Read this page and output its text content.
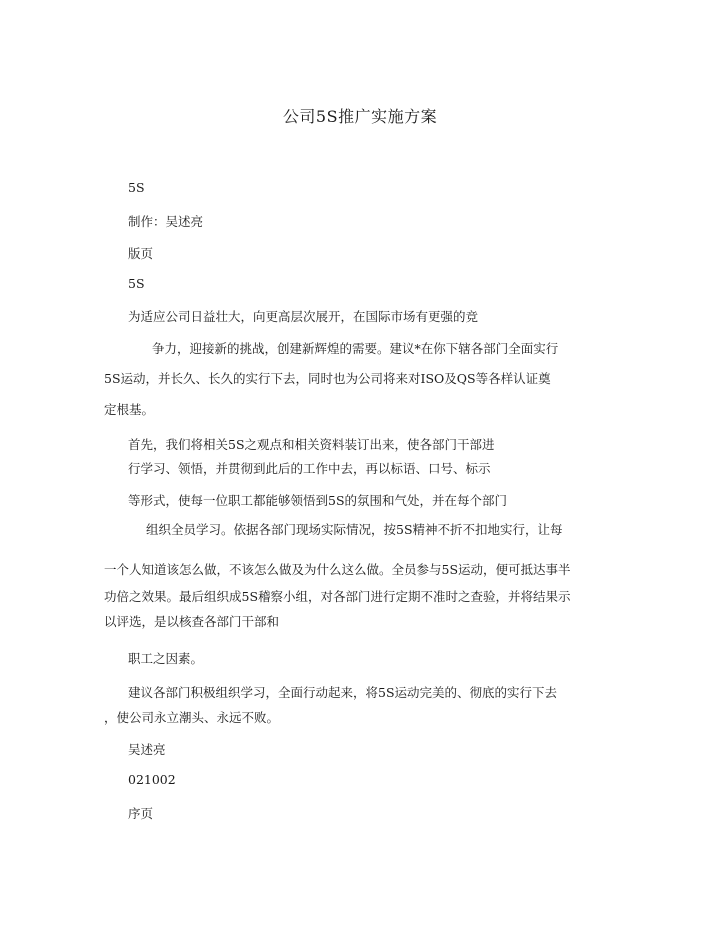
公司5S推广实施方案
5S
制作：吴述亮
版页
5S
为适应公司日益壮大，向更高层次展开，在国际市场有更强的竞
争力，迎接新的挑战，创建新辉煌的需要。建议*在你下辖各部门全面实行
5S运动，并长久、长久的实行下去，同时也为公司将来对ISO及QS等各样认证奠
定根基。
首先，我们将相关5S之观点和相关资料装订出来，使各部门干部进
行学习、领悟，并贯彻到此后的工作中去，再以标语、口号、标示
等形式，使每一位职工都能够领悟到5S的氛围和气处，并在每个部门
组织全员学习。依据各部门现场实际情况，按5S精神不折不扣地实行，让每
一个人知道该怎么做，不该怎么做及为什么这么做。全员参与5S运动，便可抵达事半
功倍之效果。最后组织成5S稽察小组，对各部门进行定期不准时之查验，并将结果示
以评选，是以核查各部门干部和
职工之因素。
建议各部门积极组织学习，全面行动起来，将5S运动完美的、彻底的实行下去
，使公司永立潮头、永远不败。
吴述亮
021002
序页
